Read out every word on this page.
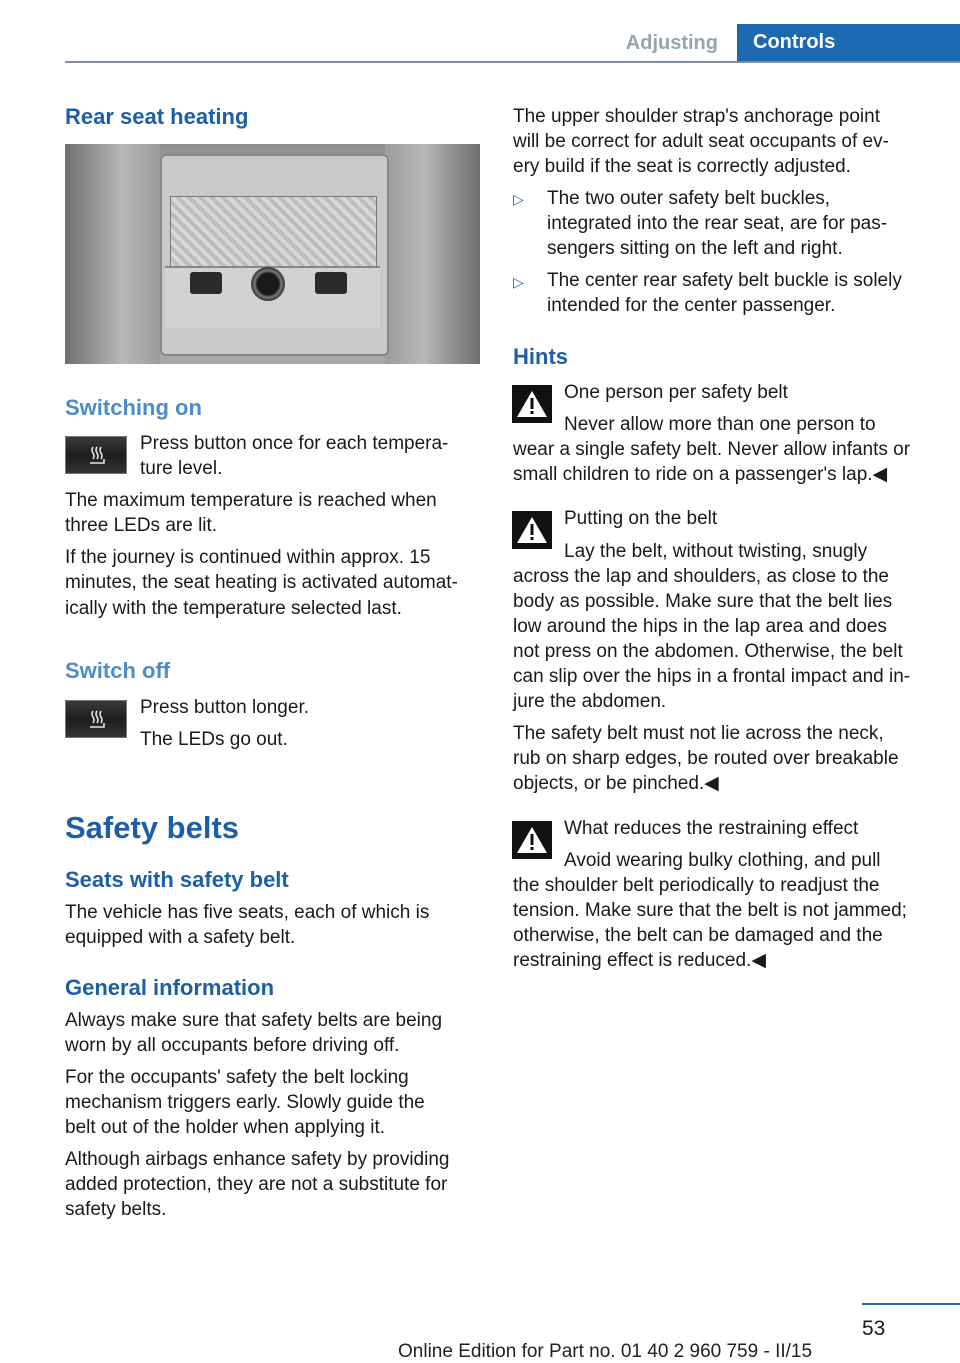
Adjusting	Controls
Rear seat heating
Switching on
Press button once for each tempera-
ture level.
The maximum temperature is reached when
three LEDs are lit.
If the journey is continued within approx. 15
minutes, the seat heating is activated automat-
ically with the temperature selected last.
Switch off
Press button longer.
The LEDs go out.
Safety belts
Seats with safety belt
The vehicle has five seats, each of which is
equipped with a safety belt.
General information
Always make sure that safety belts are being
worn by all occupants before driving off.
For the occupants' safety the belt locking
mechanism triggers early. Slowly guide the
belt out of the holder when applying it.
Although airbags enhance safety by providing
added protection, they are not a substitute for
safety belts.
The upper shoulder strap's anchorage point
will be correct for adult seat occupants of ev-
ery build if the seat is correctly adjusted.
▷ The two outer safety belt buckles,
integrated into the rear seat, are for pas-
sengers sitting on the left and right.
▷ The center rear safety belt buckle is solely
intended for the center passenger.
Hints
One person per safety belt
Never allow more than one person to
wear a single safety belt. Never allow infants or
small children to ride on a passenger's lap.◀
Putting on the belt
Lay the belt, without twisting, snugly
across the lap and shoulders, as close to the
body as possible. Make sure that the belt lies
low around the hips in the lap area and does
not press on the abdomen. Otherwise, the belt
can slip over the hips in a frontal impact and in-
jure the abdomen.
The safety belt must not lie across the neck,
rub on sharp edges, be routed over breakable
objects, or be pinched.◀
What reduces the restraining effect
Avoid wearing bulky clothing, and pull
the shoulder belt periodically to readjust the
tension. Make sure that the belt is not jammed;
otherwise, the belt can be damaged and the
restraining effect is reduced.◀
53
Online Edition for Part no. 01 40 2 960 759 - II/15
